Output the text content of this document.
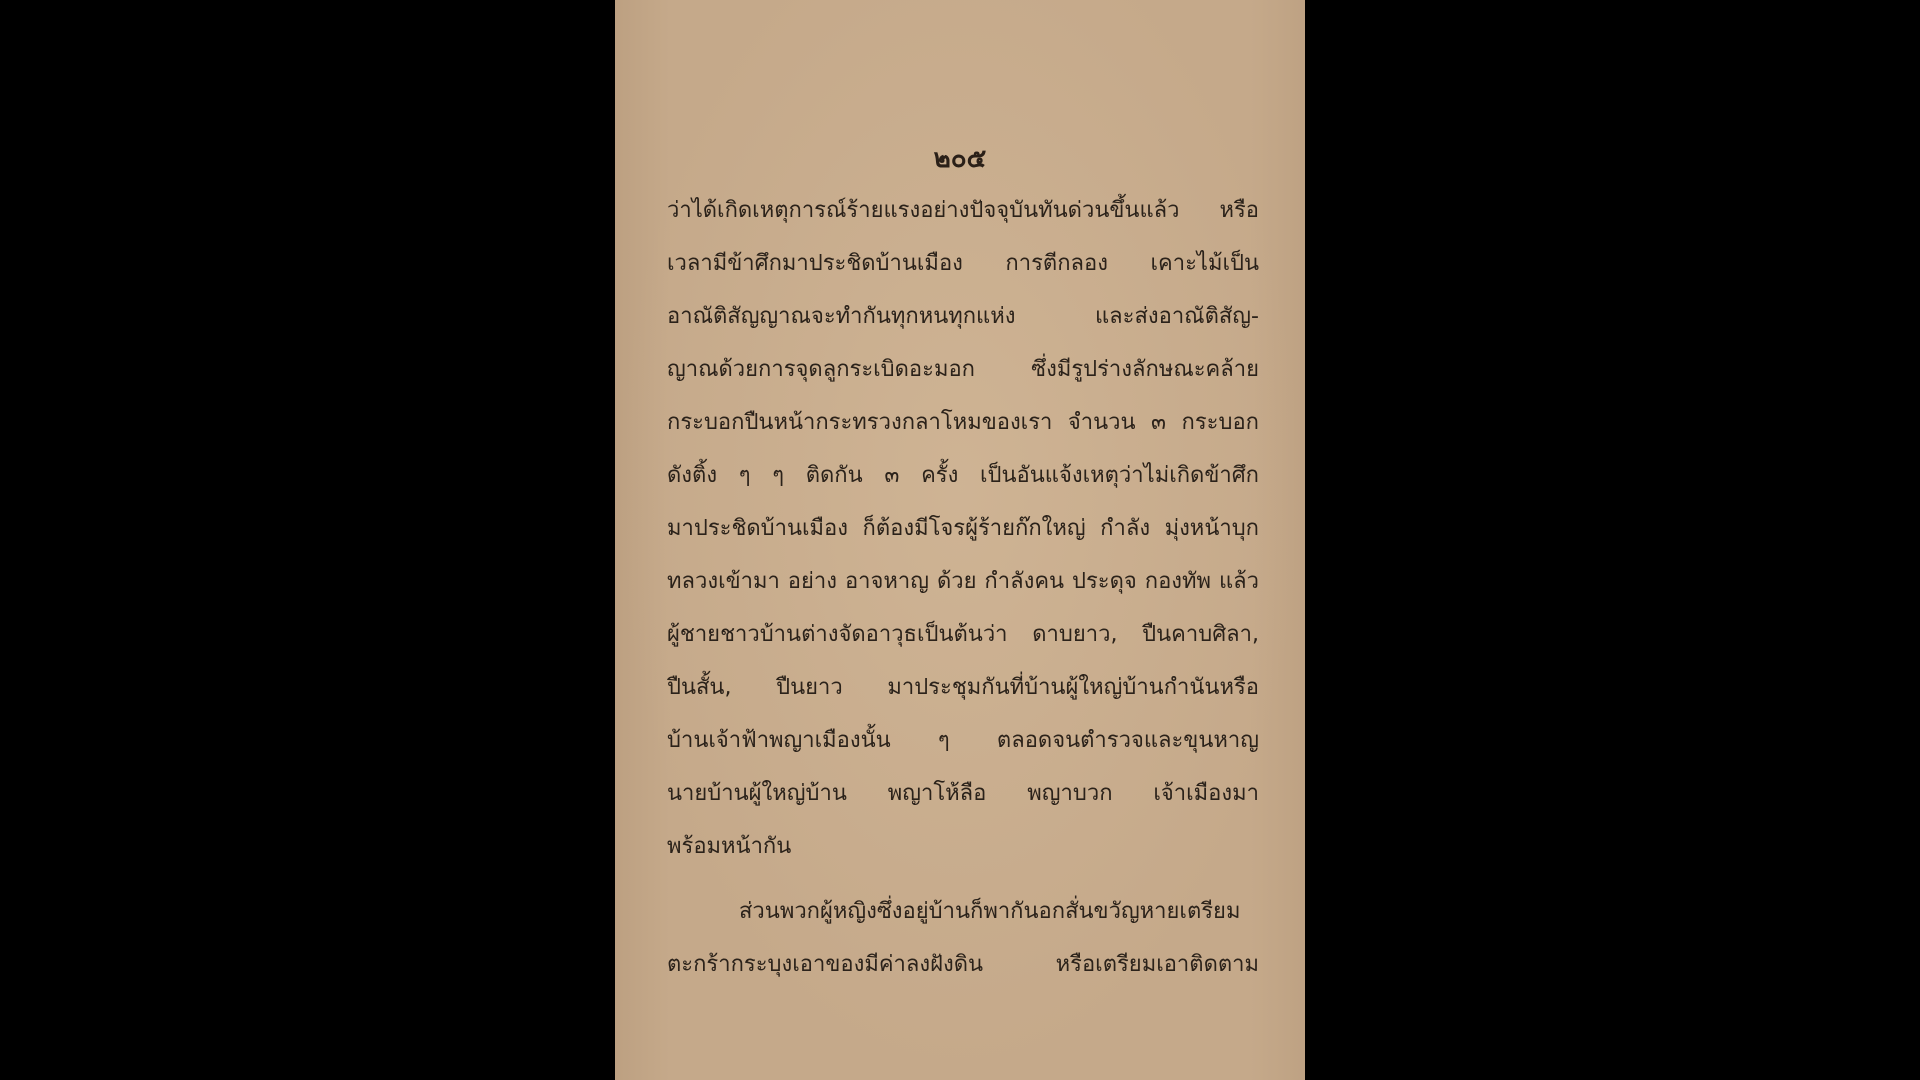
๒๐๕
ว่าได้เกิดเหตุการณ์ร้ายแรงอย่างปัจจุบันทันด่วนขึ้นแล้ว หรือ
เวลามีข้าศึกมาประชิดบ้านเมือง การตีกลอง เคาะไม้เป็น
อาณัติสัญญาณจะทำกันทุกหนทุกแห่ง และส่งอาณัติสัญ-
ญาณด้วยการจุดลูกระเบิดอะมอก ซึ่งมีรูปร่างลักษณะคล้าย
กระบอกปืนหน้ากระทรวงกลาโหมของเรา จำนวน ๓ กระบอก
ดังติ้ง ๆ ๆ ติดกัน ๓ ครั้ง เป็นอันแจ้งเหตุว่าไม่เกิดข้าศึก
มาประชิดบ้านเมือง ก็ต้องมีโจรผู้ร้ายก๊กใหญ่ กำลัง มุ่งหน้าบุก
ทลวงเข้ามา อย่าง อาจหาญ ด้วย กำลังคน ประดุจ กองทัพ แล้ว
ผู้ชายชาวบ้านต่างจัดอาวุธเป็นต้นว่า ดาบยาว, ปืนคาบศิลา,
ปืนสั้น, ปืนยาว มาประชุมกันที่บ้านผู้ใหญ่บ้านกำนันหรือ
บ้านเจ้าฟ้าพญาเมืองนั้น ๆ ตลอดจนตำรวจและขุนหาญ
นายบ้านผู้ใหญ่บ้าน พญาโห้ลือ พญาบวก เจ้าเมืองมา
พร้อมหน้ากัน
ส่วนพวกผู้หญิงซึ่งอยู่บ้านก็พากันอกสั่นขวัญหายเตรียม
ตะกร้ากระบุงเอาของมีค่าลงฝังดิน หรือเตรียมเอาติดตาม
